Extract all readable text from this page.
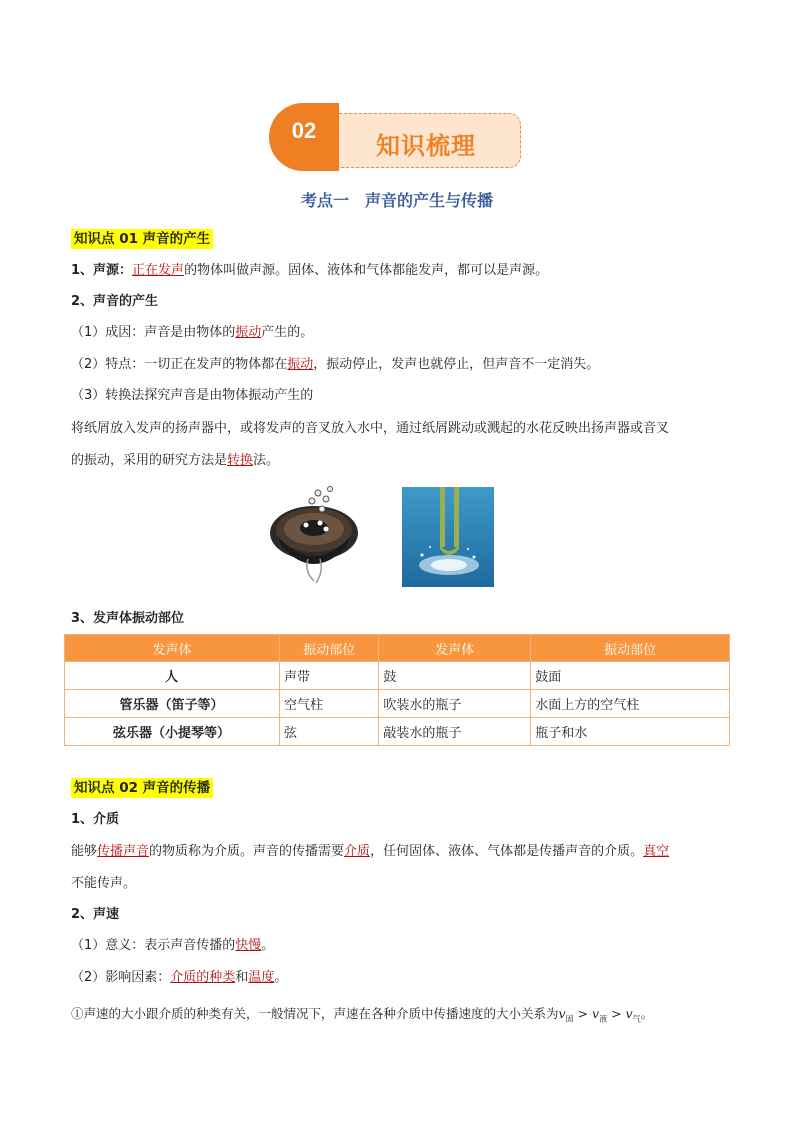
02
知识梳理
考点一　声音的产生与传播
知识点 01 声音的产生
1、声源：正在发声的物体叫做声源。固体、液体和气体都能发声，都可以是声源。
2、声音的产生
（1）成因：声音是由物体的振动产生的。
（2）特点：一切正在发声的物体都在振动，振动停止，发声也就停止，但声音不一定消失。
（3）转换法探究声音是由物体振动产生的
将纸屑放入发声的扬声器中，或将发声的音叉放入水中，通过纸屑跳动或溅起的水花反映出扬声器或音叉
的振动，采用的研究方法是转换法。
3、发声体振动部位
发声体	振动部位	发声体	振动部位
人	声带	鼓	鼓面
管乐器（笛子等）	空气柱	吹装水的瓶子	水面上方的空气柱
弦乐器（小提琴等）	弦	敲装水的瓶子	瓶子和水
知识点 02 声音的传播
1、介质
能够传播声音的物质称为介质。声音的传播需要介质，任何固体、液体、气体都是传播声音的介质。真空
不能传声。
2、声速
（1）意义：表示声音传播的快慢。
（2）影响因素：介质的种类和温度。
①声速的大小跟介质的种类有关，一般情况下，声速在各种介质中传播速度的大小关系为$v_固 > v_液 > v_气$。
